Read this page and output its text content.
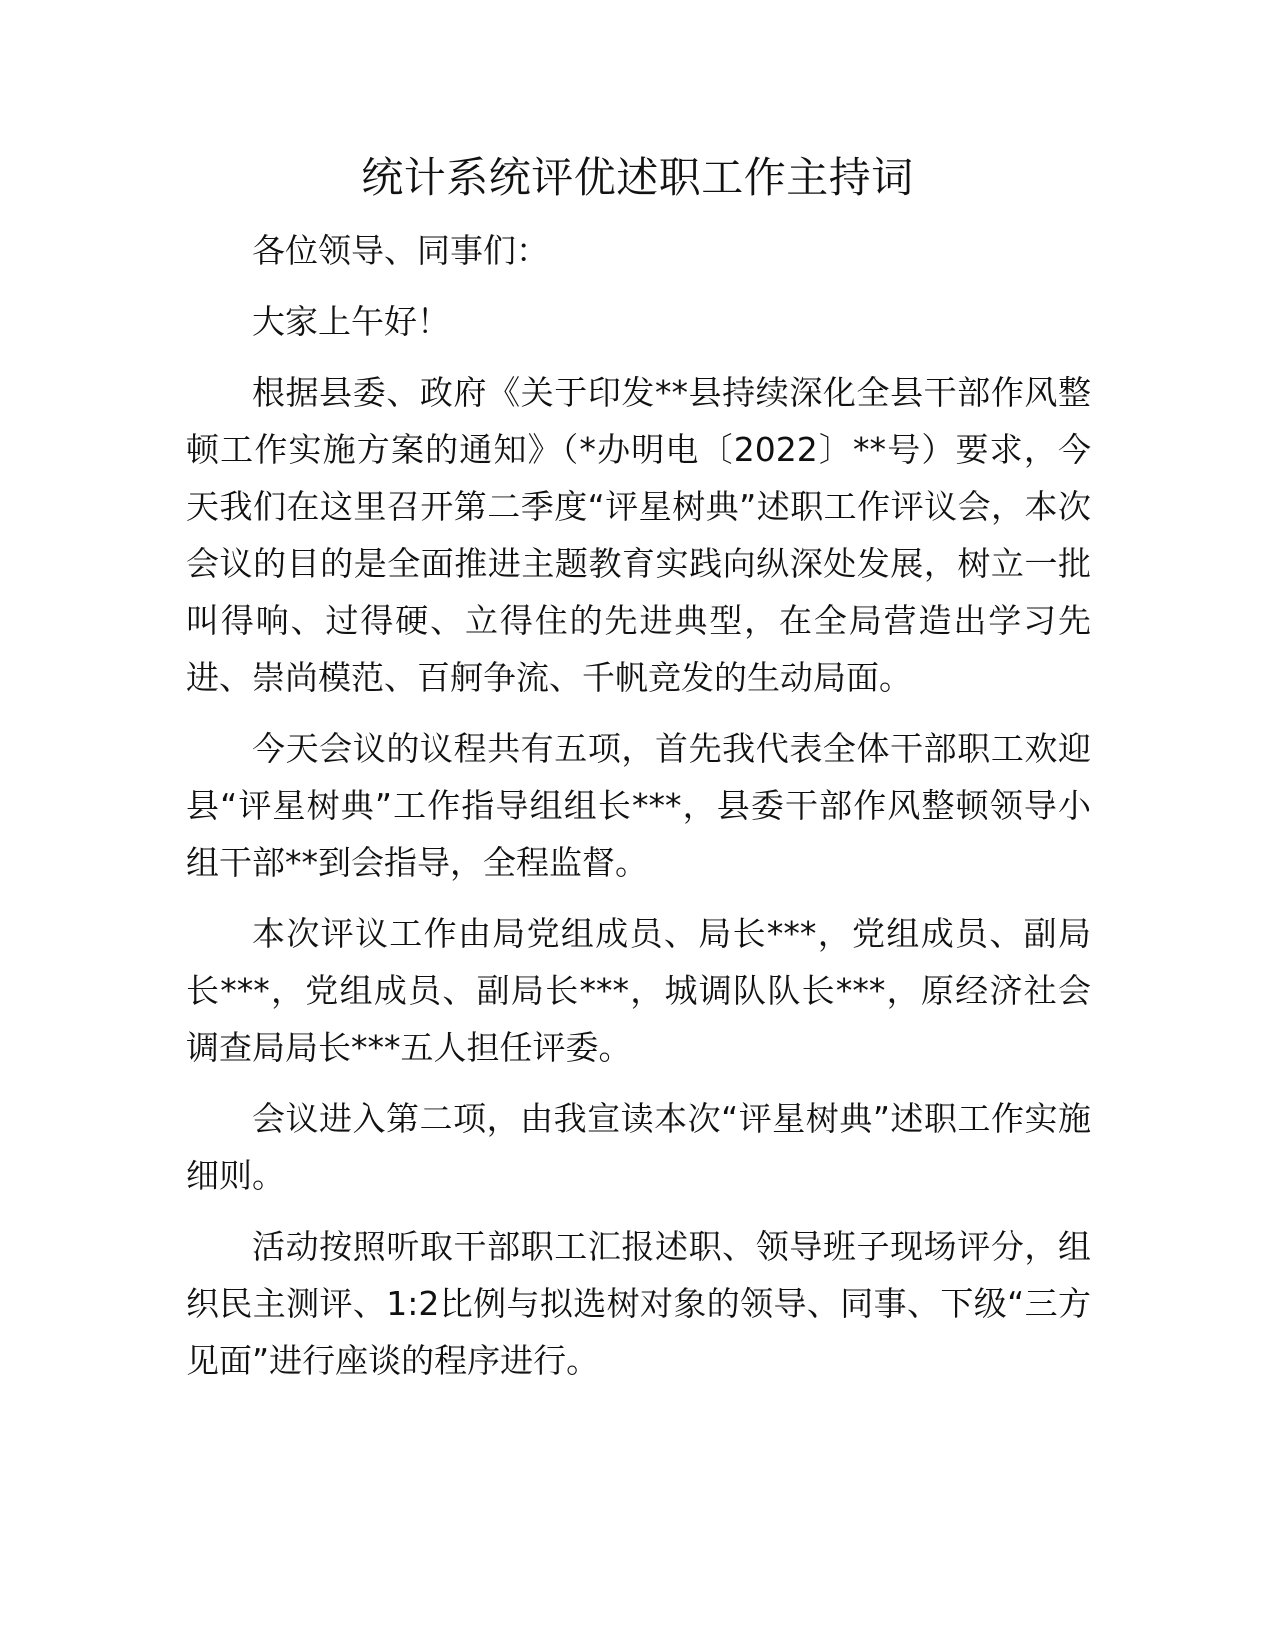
统计系统评优述职工作主持词

各位领导、同事们：

大家上午好！

根据县委、政府《关于印发**县持续深化全县干部作风整顿工作实施方案的通知》（*办明电〔2022〕**号）要求，今天我们在这里召开第二季度“评星树典”述职工作评议会，本次会议的目的是全面推进主题教育实践向纵深处发展，树立一批叫得响、过得硬、立得住的先进典型，在全局营造出学习先进、崇尚模范、百舸争流、千帆竞发的生动局面。

今天会议的议程共有五项，首先我代表全体干部职工欢迎县“评星树典”工作指导组组长***，县委干部作风整顿领导小组干部**到会指导，全程监督。

本次评议工作由局党组成员、局长***，党组成员、副局长***，党组成员、副局长***，城调队队长***，原经济社会调查局局长***五人担任评委。

会议进入第二项，由我宣读本次“评星树典”述职工作实施细则。

活动按照听取干部职工汇报述职、领导班子现场评分，组织民主测评、1:2比例与拟选树对象的领导、同事、下级“三方见面”进行座谈的程序进行。
